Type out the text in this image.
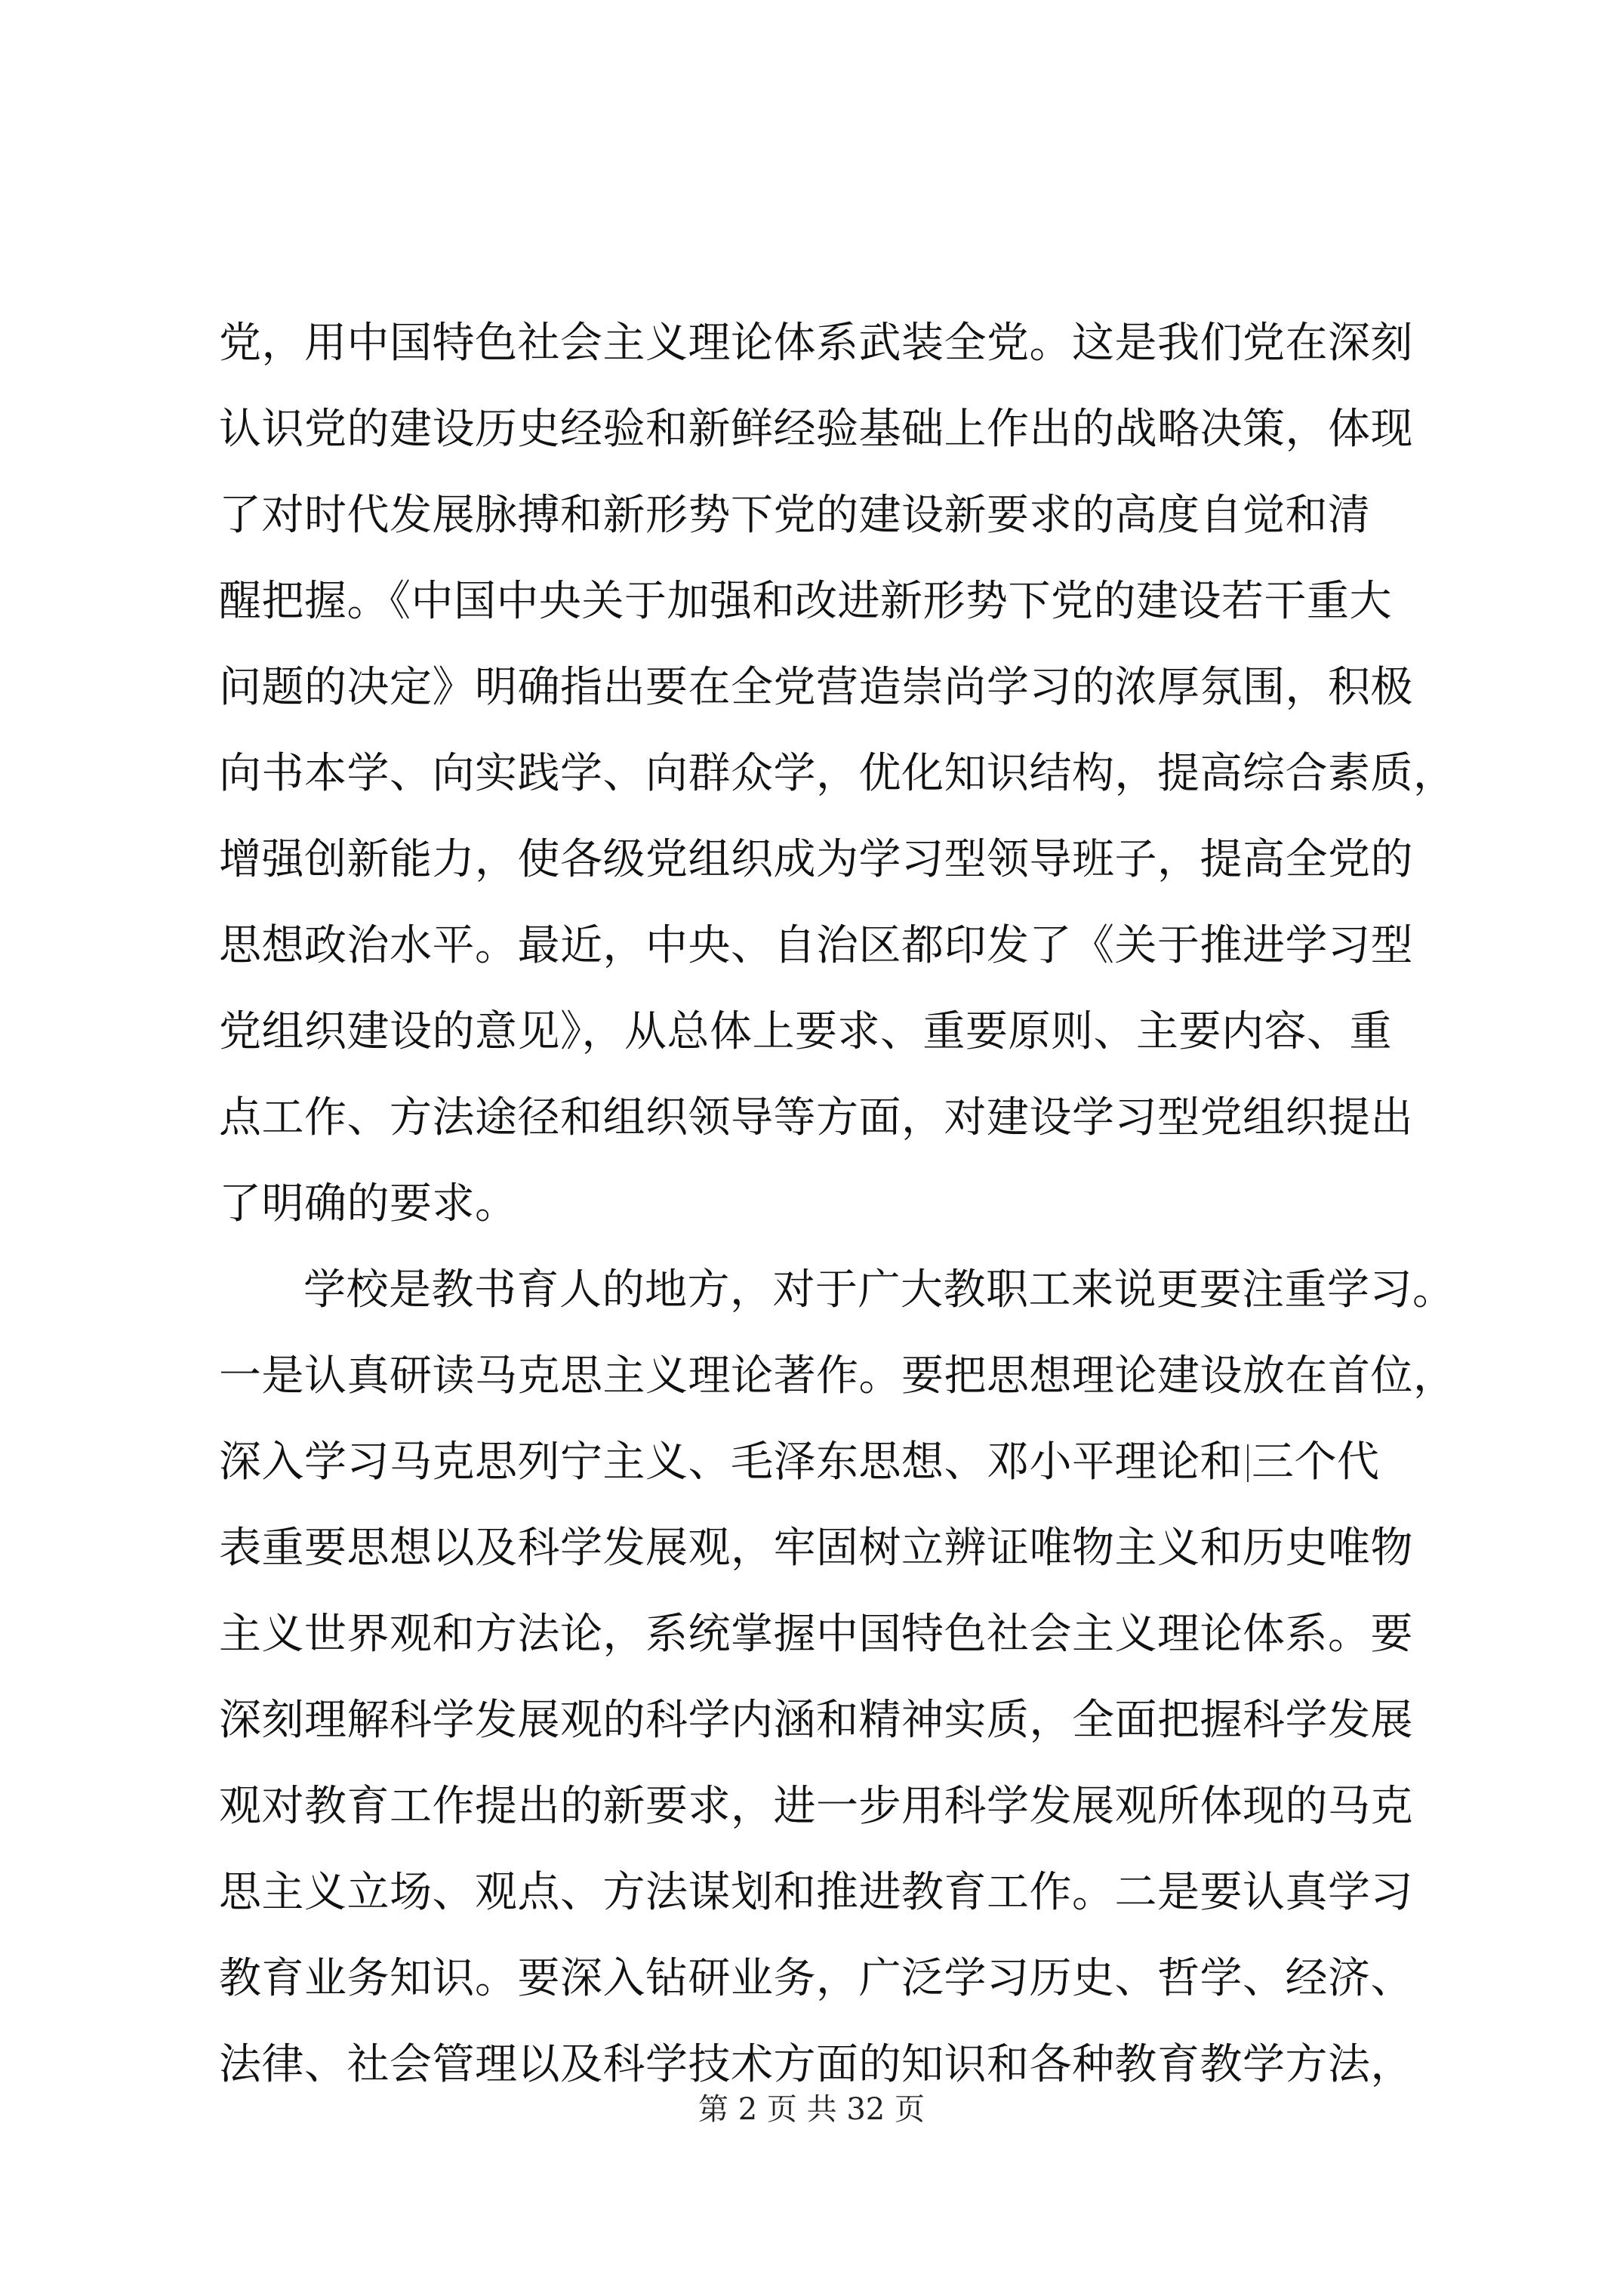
党，用中国特色社会主义理论体系武装全党。这是我们党在深刻
认识党的建设历史经验和新鲜经验基础上作出的战略决策，体现
了对时代发展脉搏和新形势下党的建设新要求的高度自觉和清
醒把握。《中国中央关于加强和改进新形势下党的建设若干重大
问题的决定》明确指出要在全党营造崇尚学习的浓厚氛围，积极
向书本学、向实践学、向群众学，优化知识结构，提高综合素质，
增强创新能力，使各级党组织成为学习型领导班子，提高全党的
思想政治水平。最近，中央、自治区都印发了《关于推进学习型
党组织建设的意见》，从总体上要求、重要原则、主要内容、重
点工作、方法途径和组织领导等方面，对建设学习型党组织提出
了明确的要求。
学校是教书育人的地方，对于广大教职工来说更要注重学习。
一是认真研读马克思主义理论著作。要把思想理论建设放在首位，
深入学习马克思列宁主义、毛泽东思想、邓小平理论和 三个代
表重要思想以及科学发展观，牢固树立辨证唯物主义和历史唯物
主义世界观和方法论，系统掌握中国特色社会主义理论体系。要
深刻理解科学发展观的科学内涵和精神实质，全面把握科学发展
观对教育工作提出的新要求，进一步用科学发展观所体现的马克
思主义立场、观点、方法谋划和推进教育工作。二是要认真学习
教育业务知识。要深入钻研业务，广泛学习历史、哲学、经济、
法律、社会管理以及科学技术方面的知识和各种教育教学方法，
第 2 页 共 32 页
